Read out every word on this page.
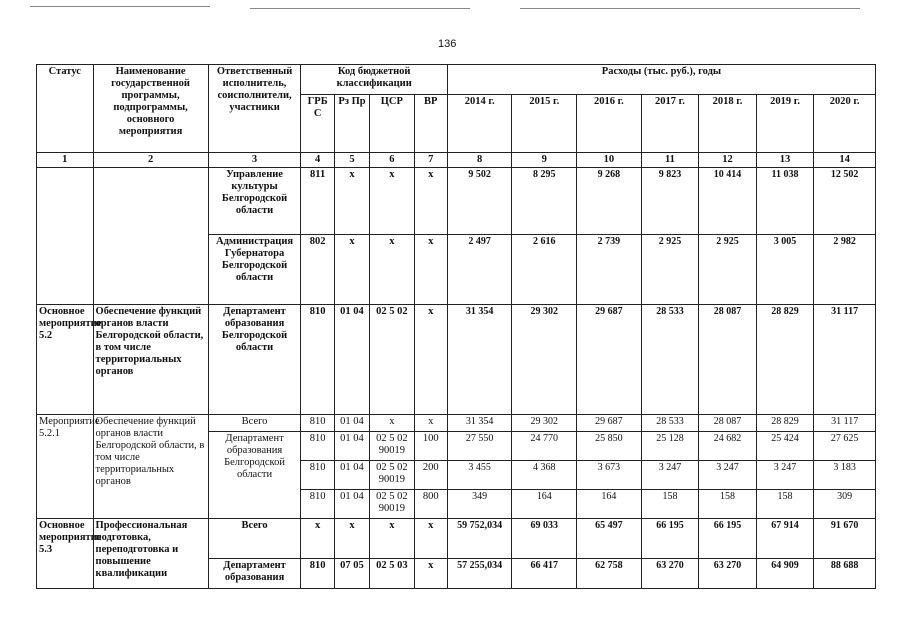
136
Статус	Наименование государственной программы, подпрограммы, основного мероприятия	Ответственный исполнитель, соисполнители, участники	Код бюджетной классификации				Расходы (тыс. руб.), годы						
			ГРБ С	Рз Пр	ЦСР	ВР	2014 г.	2015 г.	2016 г.	2017 г.	2018 г.	2019 г.	2020 г.
1	2	3	4	5	6	7	8	9	10	11	12	13	14
		Управление культуры Белгородской области	811	х	х	х	9 502	8 295	9 268	9 823	10 414	11 038	12 502
		Администрация Губернатора Белгородской области	802	х	х	х	2 497	2 616	2 739	2 925	2 925	3 005	2 982
Основное мероприятие 5.2	Обеспечение функций органов власти Белгородской области, в том числе территориальных органов	Департамент образования Белгородской области	810	01 04	02 5 02	х	31 354	29 302	29 687	28 533	28 087	28 829	31 117
Мероприятие 5.2.1	Обеспечение функций органов власти Белгородской области, в том числе территориальных органов	Всего	810	01 04	х	х	31 354	29 302	29 687	28 533	28 087	28 829	31 117
		Департамент образования Белгородской области	810	01 04	02 5 02 90019	100	27 550	24 770	25 850	25 128	24 682	25 424	27 625
			810	01 04	02 5 02 90019	200	3 455	4 368	3 673	3 247	3 247	3 247	3 183
			810	01 04	02 5 02 90019	800	349	164	164	158	158	158	309
Основное мероприятие 5.3	Профессиональная подготовка, переподготовка и повышение квалификации	Всего	х	х	х	х	59 752,034	69 033	65 497	66 195	66 195	67 914	91 670
		Департамент образования	810	07 05	02 5 03	х	57 255,034	66 417	62 758	63 270	63 270	64 909	88 688
